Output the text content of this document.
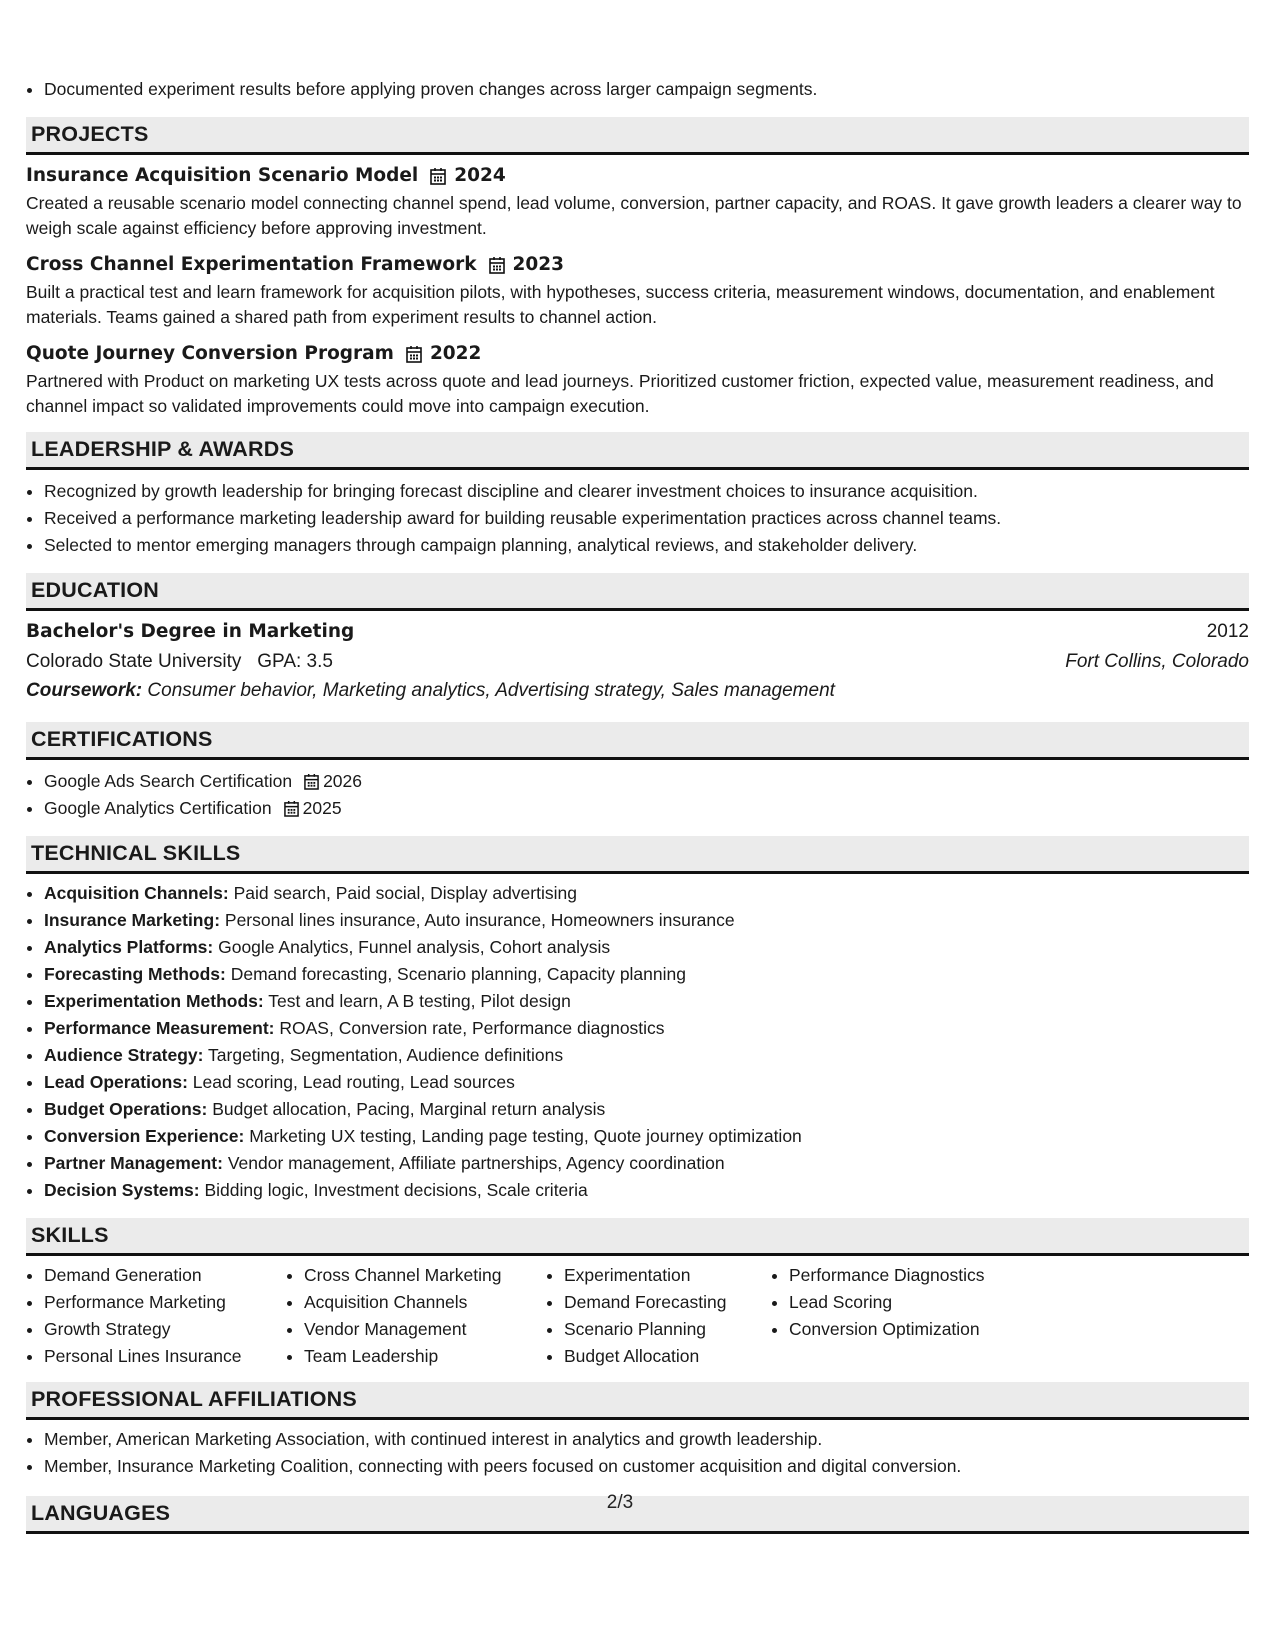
• Documented experiment results before applying proven changes across larger campaign segments.
PROJECTS
Insurance Acquisition Scenario Model 2024
Created a reusable scenario model connecting channel spend, lead volume, conversion, partner capacity, and ROAS. It gave growth leaders a clearer way to weigh scale against efficiency before approving investment.
Cross Channel Experimentation Framework 2023
Built a practical test and learn framework for acquisition pilots, with hypotheses, success criteria, measurement windows, documentation, and enablement materials. Teams gained a shared path from experiment results to channel action.
Quote Journey Conversion Program 2022
Partnered with Product on marketing UX tests across quote and lead journeys. Prioritized customer friction, expected value, measurement readiness, and channel impact so validated improvements could move into campaign execution.
LEADERSHIP & AWARDS
• Recognized by growth leadership for bringing forecast discipline and clearer investment choices to insurance acquisition.
• Received a performance marketing leadership award for building reusable experimentation practices across channel teams.
• Selected to mentor emerging managers through campaign planning, analytical reviews, and stakeholder delivery.
EDUCATION
Bachelor's Degree in Marketing	2012
Colorado State University GPA: 3.5	Fort Collins, Colorado
Coursework: Consumer behavior, Marketing analytics, Advertising strategy, Sales management
CERTIFICATIONS
• Google Ads Search Certification 2026
• Google Analytics Certification 2025
TECHNICAL SKILLS
• Acquisition Channels: Paid search, Paid social, Display advertising
• Insurance Marketing: Personal lines insurance, Auto insurance, Homeowners insurance
• Analytics Platforms: Google Analytics, Funnel analysis, Cohort analysis
• Forecasting Methods: Demand forecasting, Scenario planning, Capacity planning
• Experimentation Methods: Test and learn, A B testing, Pilot design
• Performance Measurement: ROAS, Conversion rate, Performance diagnostics
• Audience Strategy: Targeting, Segmentation, Audience definitions
• Lead Operations: Lead scoring, Lead routing, Lead sources
• Budget Operations: Budget allocation, Pacing, Marginal return analysis
• Conversion Experience: Marketing UX testing, Landing page testing, Quote journey optimization
• Partner Management: Vendor management, Affiliate partnerships, Agency coordination
• Decision Systems: Bidding logic, Investment decisions, Scale criteria
SKILLS
• Demand Generation
• Performance Marketing
• Growth Strategy
• Personal Lines Insurance
• Cross Channel Marketing
• Acquisition Channels
• Vendor Management
• Team Leadership
• Experimentation
• Demand Forecasting
• Scenario Planning
• Budget Allocation
• Performance Diagnostics
• Lead Scoring
• Conversion Optimization
PROFESSIONAL AFFILIATIONS
• Member, American Marketing Association, with continued interest in analytics and growth leadership.
• Member, Insurance Marketing Coalition, connecting with peers focused on customer acquisition and digital conversion.
LANGUAGES	2/3
